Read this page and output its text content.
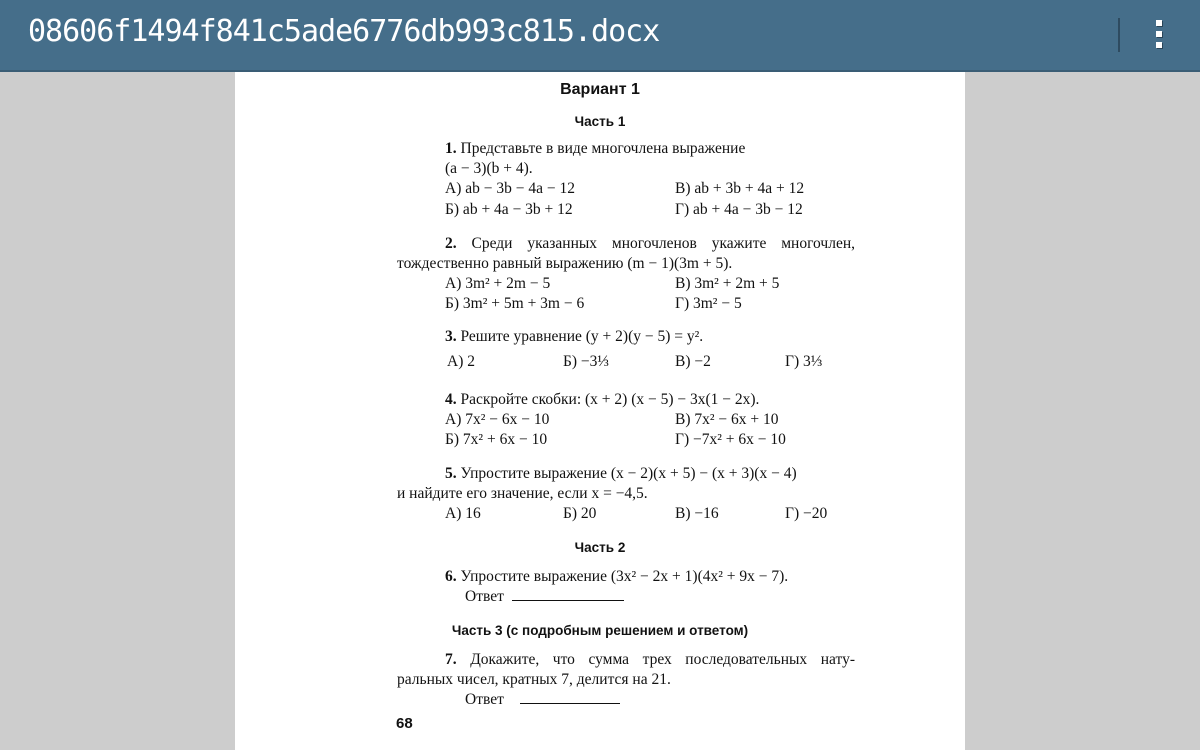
08606f1494f841c5ade6776db993c815.docx
Вариант 1
Часть 1
1. Представьте в виде многочлена выражение
(a − 3)(b + 4).
А) ab − 3b − 4a − 12	В) ab + 3b + 4a + 12
Б) ab + 4a − 3b + 12	Г) ab + 4a − 3b − 12
2. Среди указанных многочленов укажите многочлен,
тождественно равный выражению (m − 1)(3m + 5).
А) 3m² + 2m − 5	В) 3m² + 2m + 5
Б) 3m² + 5m + 3m − 6	Г) 3m² − 5
3. Решите уравнение (y + 2)(y − 5) = y².
А) 2	Б) −3⅓	В) −2	Г) 3⅓
4. Раскройте скобки: (x + 2) (x − 5) − 3x(1 − 2x).
А) 7x² − 6x − 10	В) 7x² − 6x + 10
Б) 7x² + 6x − 10	Г) −7x² + 6x − 10
5. Упростите выражение (x − 2)(x + 5) − (x + 3)(x − 4)
и найдите его значение, если x = −4,5.
А) 16	Б) 20	В) −16	Г) −20
Часть 2
6. Упростите выражение (3x² − 2x + 1)(4x² + 9x − 7).
Ответ
Часть 3 (с подробным решением и ответом)
7. Докажите, что сумма трех последовательных нату-
ральных чисел, кратных 7, делится на 21.
Ответ
68
